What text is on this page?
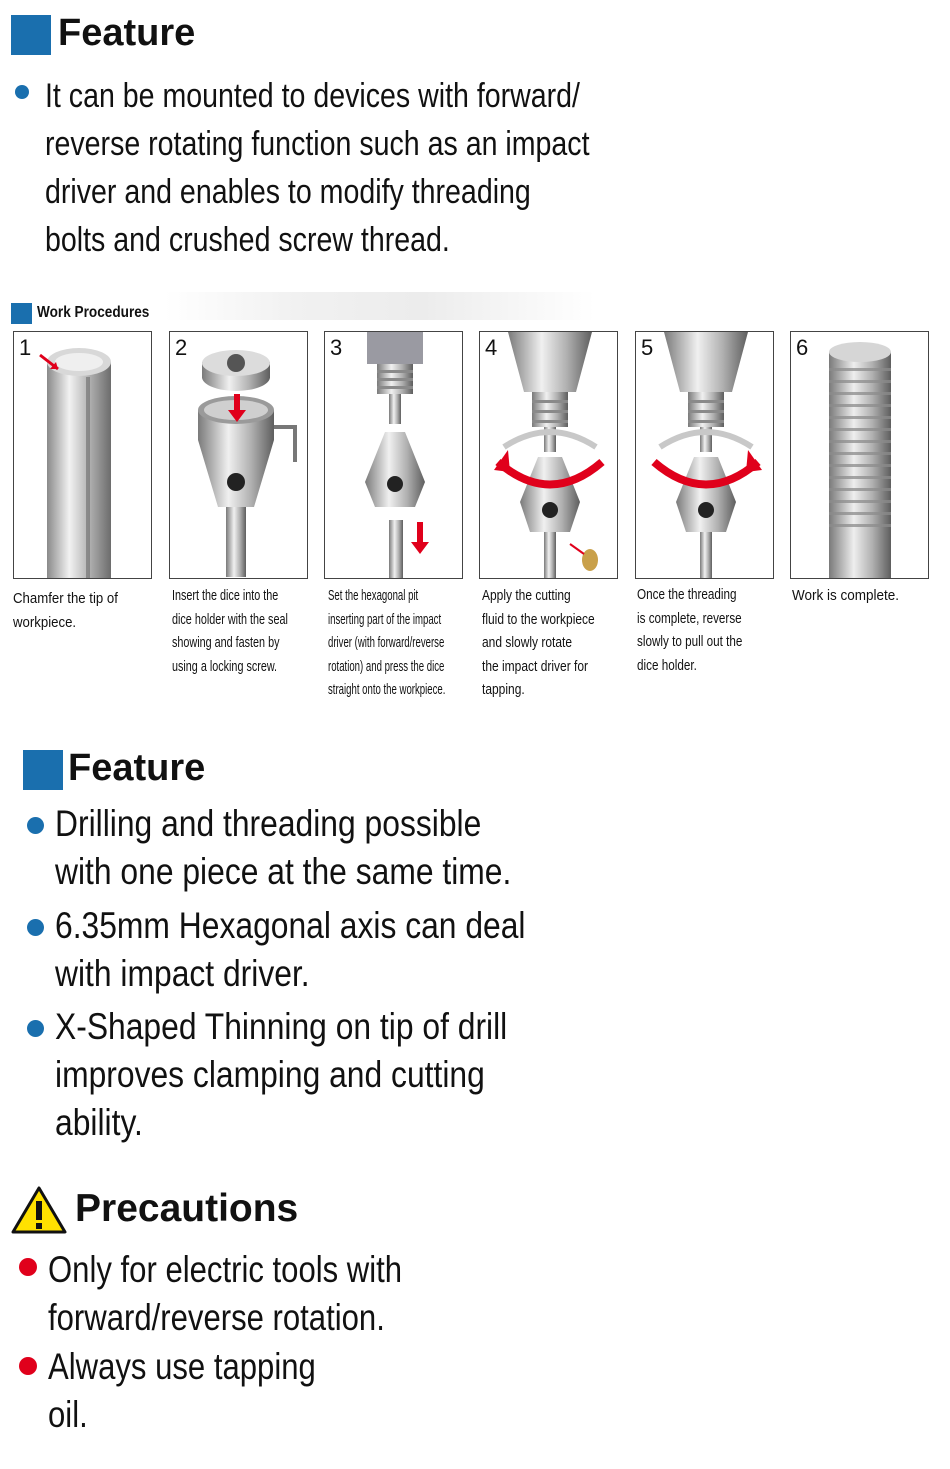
Feature
It can be mounted to devices with forward/
reverse rotating function such as an impact
driver and enables to modify threading
bolts and crushed screw thread.
Work Procedures
1	2	3	4	5	6
Chamfer the tip of
workpiece.
Insert the dice into the
dice holder with the seal
showing and fasten by
using a locking screw.
Set the hexagonal pit
inserting part of the impact
driver (with forward/reverse
rotation) and press the dice
straight onto the workpiece.
Apply the cutting
fluid to the workpiece
and slowly rotate
the impact driver for
tapping.
Once the threading
is complete, reverse
slowly to pull out the
dice holder.
Work is complete.
Feature
Drilling and threading possible
with one piece at the same time.
6.35mm Hexagonal axis can deal
with impact driver.
X-Shaped Thinning on tip of drill
improves clamping and cutting
ability.
Precautions
Only for electric tools with
forward/reverse rotation.
Always use tapping
oil.
